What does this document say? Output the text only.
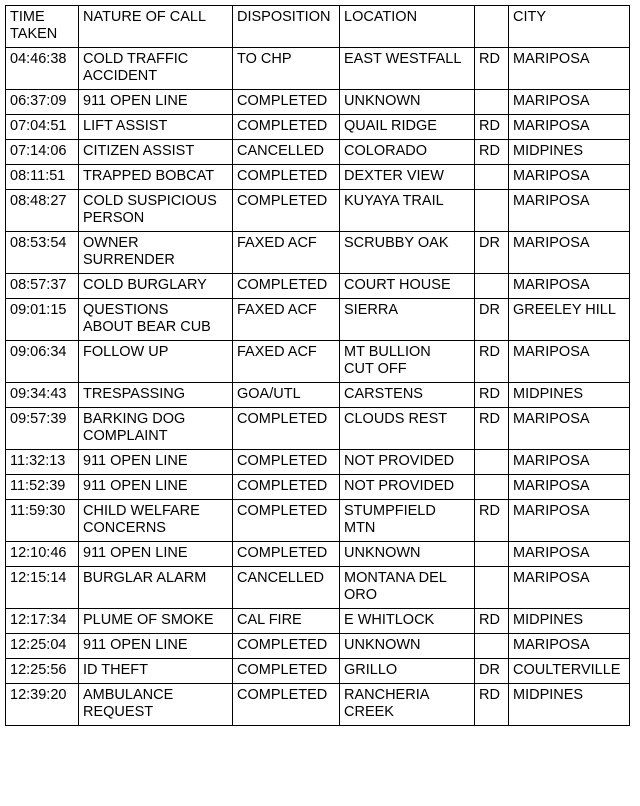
TIME
TAKEN	NATURE OF CALL	DISPOSITION	LOCATION		CITY
04:46:38	COLD TRAFFIC
ACCIDENT	TO CHP	EAST WESTFALL	RD	MARIPOSA
06:37:09	911 OPEN LINE	COMPLETED	UNKNOWN		MARIPOSA
07:04:51	LIFT ASSIST	COMPLETED	QUAIL RIDGE	RD	MARIPOSA
07:14:06	CITIZEN ASSIST	CANCELLED	COLORADO	RD	MIDPINES
08:11:51	TRAPPED BOBCAT	COMPLETED	DEXTER VIEW		MARIPOSA
08:48:27	COLD SUSPICIOUS
PERSON	COMPLETED	KUYAYA TRAIL		MARIPOSA
08:53:54	OWNER
SURRENDER	FAXED ACF	SCRUBBY OAK	DR	MARIPOSA
08:57:37	COLD BURGLARY	COMPLETED	COURT HOUSE		MARIPOSA
09:01:15	QUESTIONS
ABOUT BEAR CUB	FAXED ACF	SIERRA	DR	GREELEY HILL
09:06:34	FOLLOW UP	FAXED ACF	MT BULLION
CUT OFF	RD	MARIPOSA
09:34:43	TRESPASSING	GOA/UTL	CARSTENS	RD	MIDPINES
09:57:39	BARKING DOG
COMPLAINT	COMPLETED	CLOUDS REST	RD	MARIPOSA
11:32:13	911 OPEN LINE	COMPLETED	NOT PROVIDED		MARIPOSA
11:52:39	911 OPEN LINE	COMPLETED	NOT PROVIDED		MARIPOSA
11:59:30	CHILD WELFARE
CONCERNS	COMPLETED	STUMPFIELD
MTN	RD	MARIPOSA
12:10:46	911 OPEN LINE	COMPLETED	UNKNOWN		MARIPOSA
12:15:14	BURGLAR ALARM	CANCELLED	MONTANA DEL
ORO		MARIPOSA
12:17:34	PLUME OF SMOKE	CAL FIRE	E WHITLOCK	RD	MIDPINES
12:25:04	911 OPEN LINE	COMPLETED	UNKNOWN		MARIPOSA
12:25:56	ID THEFT	COMPLETED	GRILLO	DR	COULTERVILLE
12:39:20	AMBULANCE
REQUEST	COMPLETED	RANCHERIA
CREEK	RD	MIDPINES
